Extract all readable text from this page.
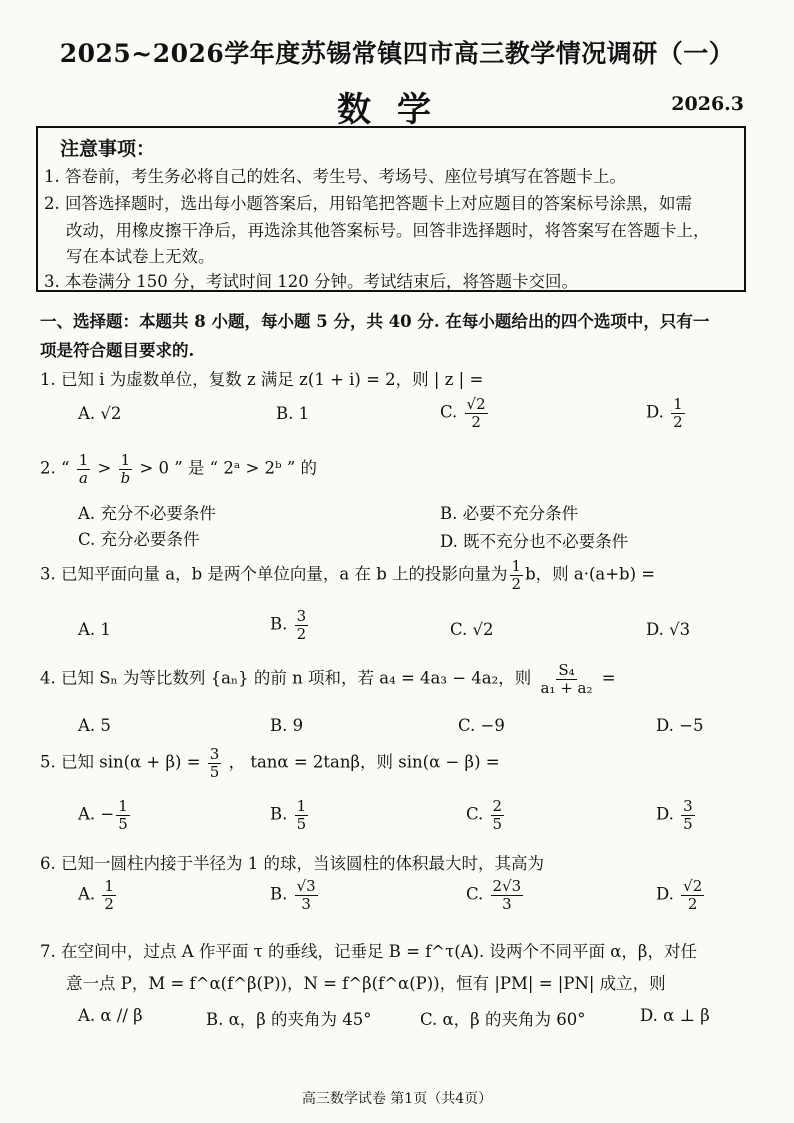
2025~2026学年度苏锡常镇四市高三教学情况调研（一）
数学	2026.3
注意事项：
1. 答卷前，考生务必将自己的姓名、考生号、考场号、座位号填写在答题卡上。
2. 回答选择题时，选出每小题答案后，用铅笔把答题卡上对应题目的答案标号涂黑，如需
改动，用橡皮擦干净后，再选涂其他答案标号。回答非选择题时，将答案写在答题卡上，
写在本试卷上无效。
3. 本卷满分 150 分，考试时间 120 分钟。考试结束后，将答题卡交回。
一、选择题：本题共 8 小题，每小题 5 分，共 40 分. 在每小题给出的四个选项中，只有一
项是符合题目要求的.
1. 已知 i 为虚数单位，复数 z 满足 z(1 + i) = 2，则 | z | =
A. √2	B. 1	C. $\frac{√2}{2}$	D. $\frac{1}{2}$
2. “ $\frac{1}{a} > \frac{1}{b} > 0$ ” 是 “ 2ᵃ > 2ᵇ ” 的
A. 充分不必要条件	B. 必要不充分条件
C. 充分必要条件	D. 既不充分也不必要条件
3. 已知平面向量 a，b 是两个单位向量，a 在 b 上的投影向量为 $\frac{1}{2}$ b，则 a·(a+b) =
A. 1	B. $\frac{3}{2}$	C. √2	D. √3
4. 已知 Sₙ 为等比数列 {aₙ} 的前 n 项和，若 a₄ = 4a₃ − 4a₂，则 $\frac{\text{S₄}}{\text{a₁ + a₂}}$ =
A. 5	B. 9	C. −9	D. −5
5. 已知 $\sin(\alpha + \beta) = \frac{3}{5}$ ， tanα = 2tanβ，则 sin(α − β) =
A. − $\frac{1}{5}$	B. $\frac{1}{5}$	C. $\frac{2}{5}$	D. $\frac{3}{5}$
6. 已知一圆柱内接于半径为 1 的球，当该圆柱的体积最大时，其高为
A. $\frac{1}{2}$	B. $\frac{√3}{3}$	C. $\frac{2√3}{3}$	D. $\frac{√2}{2}$
7. 在空间中，过点 A 作平面 τ 的垂线，记垂足 B = f^τ(A). 设两个不同平面 α，β，对任
意一点 P，M = f^α(f^β(P))，N = f^β(f^α(P))，恒有 |PM| = |PN| 成立，则
A. α // β	B. α，β 的夹角为 45°	C. α，β 的夹角为 60°	D. α ⊥ β
高三数学试卷 第1页（共4页）
